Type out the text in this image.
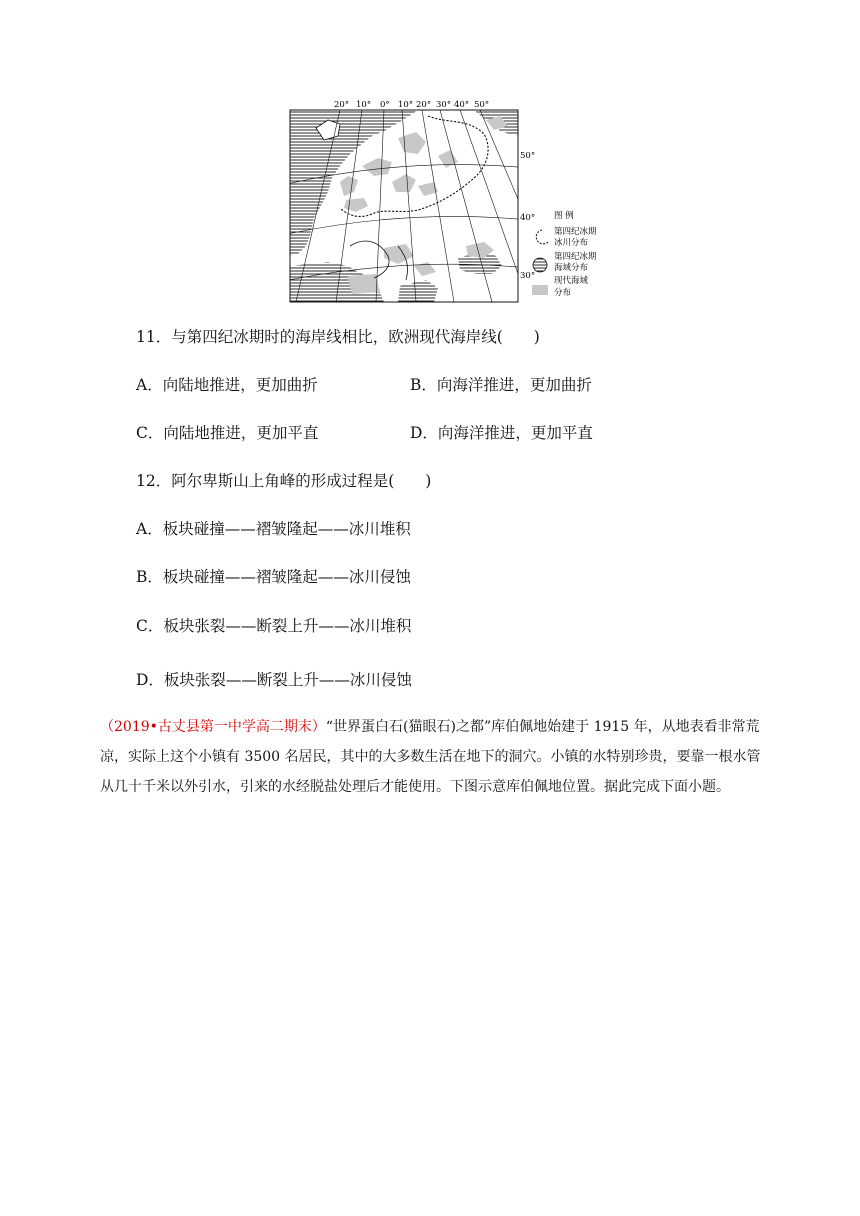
20° 10° 0° 10° 20° 30° 40° 50°
50°
40°
30°
图 例
第四纪冰期
冰川分布
第四纪冰期
海域分布
现代海域
分布
11．与第四纪冰期时的海岸线相比，欧洲现代海岸线(　　)
A．向陆地推进，更加曲折	B．向海洋推进，更加曲折
C．向陆地推进，更加平直	D．向海洋推进，更加平直
12．阿尔卑斯山上角峰的形成过程是(　　)
A．板块碰撞——褶皱隆起——冰川堆积
B．板块碰撞——褶皱隆起——冰川侵蚀
C．板块张裂——断裂上升——冰川堆积
D．板块张裂——断裂上升——冰川侵蚀
（2019•古丈县第一中学高二期末）“世界蛋白石(猫眼石)之都”库伯佩地始建于 1915 年，从地表看非常荒凉，实际上这个小镇有 3500 名居民，其中的大多数生活在地下的洞穴。小镇的水特别珍贵，要靠一根水管从几十千米以外引水，引来的水经脱盐处理后才能使用。下图示意库伯佩地位置。据此完成下面小题。
